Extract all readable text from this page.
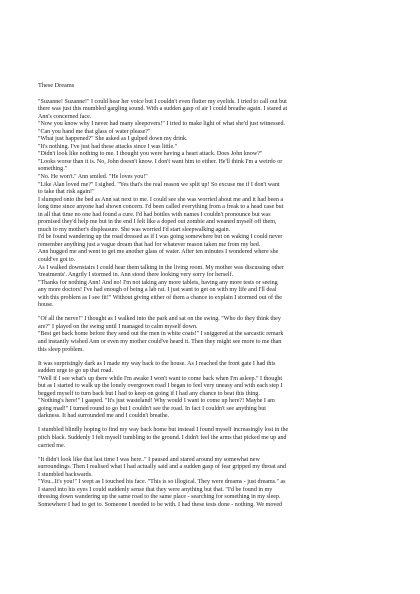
These Dreams
"Suzanne! Suzanne!" I could hear her voice but I couldn't even flutter my eyelids. I tried to call out but
there was just this mumbled gargling sound. With a sudden gasp of air I could breathe again. I stared at
Ann's concerned face.
"Now you know why I never had many sleepovers!" I tried to make light of what she'd just witnessed.
"Can you hand me that glass of water please?"
"What just happened?" She asked as I gulped down my drink.
"It's nothing. I've just had these attacks since I was little."
"Didn't look like nothing to me. I thought you were having a heart attack. Does John know?"
"Looks worse than it is. No, John doesn't know. I don't want him to either. He'll think I'm a weirdo or
something."
"No. He won't." Ann smiled. "He loves you!"
"Like Alan loved me?" I sighed. "Yes that's the real reason we split up! So excuse me if I don't want
to take that risk again!"
I slumped onto the bed as Ann sat next to me. I could see she was worried about me and it had been a
long time since anyone had shown concern. I'd been called everything from a freak to a head case but
in all that time no one had found a cure. I'd had bottles with names I couldn't pronounce but was
promised they'd help me but in the end I felt like a doped out zombie and weaned myself off them,
much to my mother's displeasure. She was worried I'd start sleepwalking again.
I'd be found wandering up the road dressed as if I was going somewhere but on waking I could never
remember anything just a vague dream that had for whatever reason taken me from my bed.
Ann hugged me and went to get me another glass of water. After ten minutes I wondered where she
could've got to.
As I walked downstairs I could hear them talking in the living room. My mother was discussing other
'treatments'. Angrily I stormed in. Ann stood there looking very sorry for herself.
"Thanks for nothing Ann! And no! I'm not taking any more tablets, having any more tests or seeing
any more doctors! I've had enough of being a lab rat. I just want to get on with my life and I'll deal
with this problem as I see fit!" Without giving either of them a chance to explain I stormed out of the
house.
"Of all the nerve!" I thought as I walked into the park and sat on the swing. "Who do they think they
are?" I played on the swing until I managed to calm myself down.
"Best get back home before they send out the men in white coats!" I sniggered at the sarcastic remark
and instantly wished Ann or even my mother could've heard it. Then they might see more to me than
this sleep problem.
It was surprisingly dark as I made my way back to the house. As I reached the front gate I had this
sudden urge to go up that road.
"Well if I see what's up there while I'm awake I won't want to come back when I'm asleep." I thought
but as I started to walk up the lonely overgrown road I began to feel very uneasy and with each step I
begged myself to turn back but I had to keep on going if I had any chance to beat this thing.
"Nothing's here!" I gasped. "It's just wasteland! Why would I want to come up here?! Maybe I am
going mad!" I turned round to go but I couldn't see the road. In fact I couldn't see anything but
darkness. It had surrounded me and I couldn't breathe.
I stumbled blindly hoping to find my way back home but instead I found myself increasingly lost in the
pitch black. Suddenly I felt myself tumbling to the ground. I didn't feel the arms that picked me up and
carried me.
"It didn't look like that last time I was here.." I paused and stared around my somewhat new
surroundings. Then I realised what I had actually said and a sudden gasp of fear gripped my throat and
I stumbled backwards.
"You...It's you!" I wept as I touched his face. "This is so illogical. They were dreams - just dreams." as
I stared into his eyes I could suddenly sense that they were anything but that. "I'd be found in my
dressing down wandering up the same road to the same place - searching for something in my sleep.
Somewhere I had to get to. Someone I needed to be with. I had these tests done - nothing. We moved
